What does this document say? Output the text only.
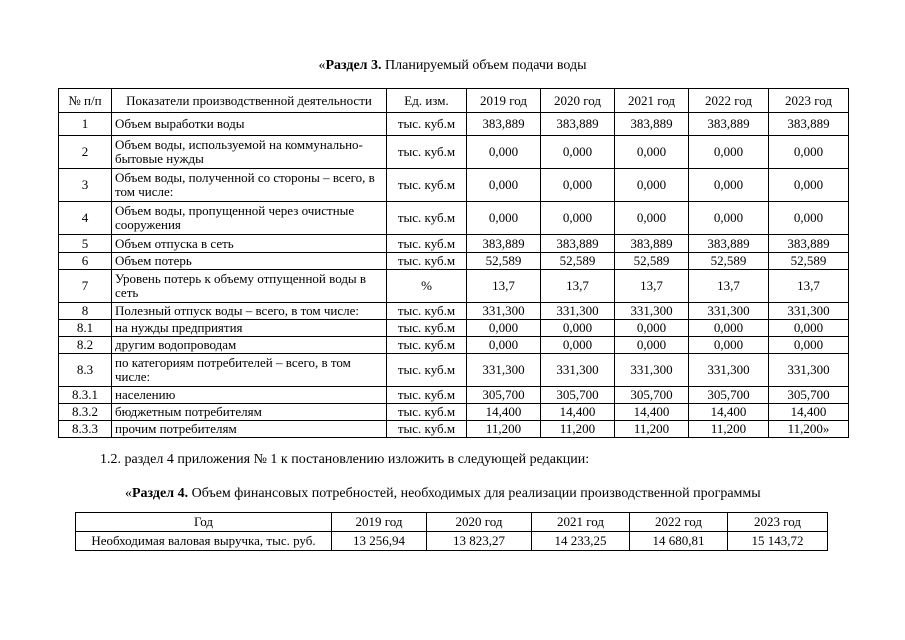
«Раздел 3. Планируемый объем подачи воды
№ п/п	Показатели производственной деятельности	Ед. изм.	2019 год	2020 год	2021 год	2022 год	2023 год
1	Объем выработки воды	тыс. куб.м	383,889	383,889	383,889	383,889	383,889
2	Объем воды, используемой на коммунально-бытовые нужды	тыс. куб.м	0,000	0,000	0,000	0,000	0,000
3	Объем воды, полученной со стороны – всего, в том числе:	тыс. куб.м	0,000	0,000	0,000	0,000	0,000
4	Объем воды, пропущенной через очистные сооружения	тыс. куб.м	0,000	0,000	0,000	0,000	0,000
5	Объем отпуска в сеть	тыс. куб.м	383,889	383,889	383,889	383,889	383,889
6	Объем потерь	тыс. куб.м	52,589	52,589	52,589	52,589	52,589
7	Уровень потерь к объему отпущенной воды в сеть	%	13,7	13,7	13,7	13,7	13,7
8	Полезный отпуск воды – всего, в том числе:	тыс. куб.м	331,300	331,300	331,300	331,300	331,300
8.1	на нужды предприятия	тыс. куб.м	0,000	0,000	0,000	0,000	0,000
8.2	другим водопроводам	тыс. куб.м	0,000	0,000	0,000	0,000	0,000
8.3	по категориям потребителей – всего, в том числе:	тыс. куб.м	331,300	331,300	331,300	331,300	331,300
8.3.1	населению	тыс. куб.м	305,700	305,700	305,700	305,700	305,700
8.3.2	бюджетным потребителям	тыс. куб.м	14,400	14,400	14,400	14,400	14,400
8.3.3	прочим потребителям	тыс. куб.м	11,200	11,200	11,200	11,200	11,200»
1.2. раздел 4 приложения № 1 к постановлению изложить в следующей редакции:
«Раздел 4. Объем финансовых потребностей, необходимых для реализации производственной программы
Год	2019 год	2020 год	2021 год	2022 год	2023 год
Необходимая валовая выручка, тыс. руб.	13 256,94	13 823,27	14 233,25	14 680,81	15 143,72
